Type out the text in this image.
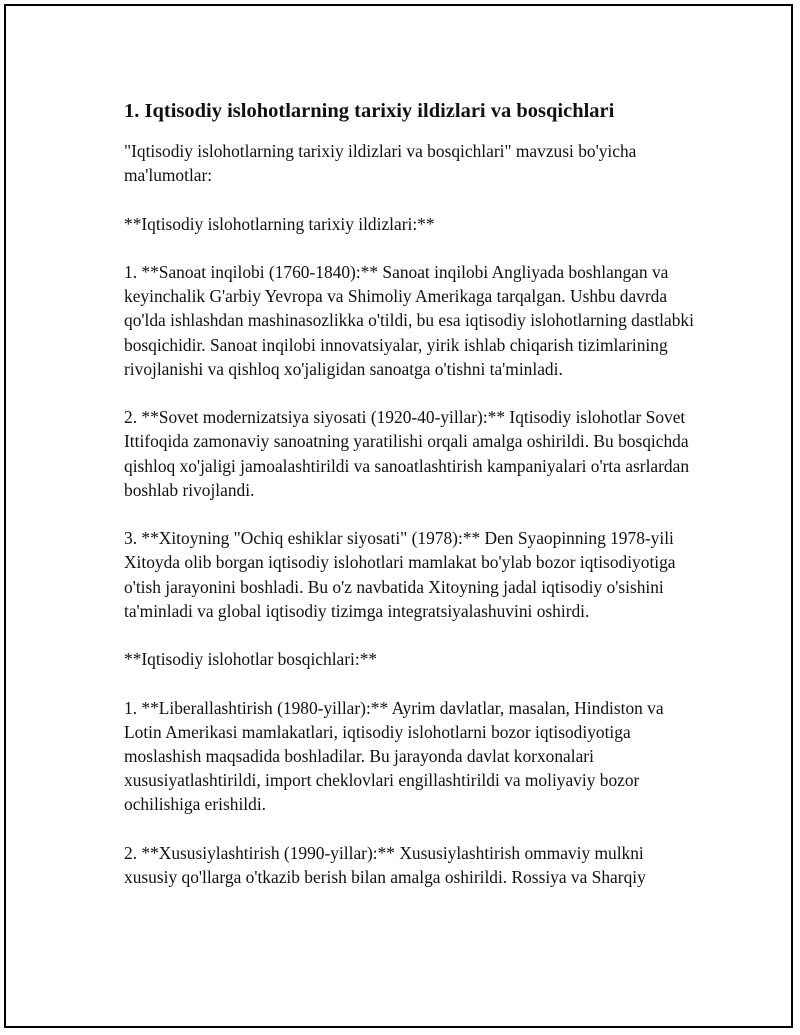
1. Iqtisodiy islohotlarning tarixiy ildizlari va bosqichlari

"Iqtisodiy islohotlarning tarixiy ildizlari va bosqichlari" mavzusi bo'yicha ma'lumotlar:

**Iqtisodiy islohotlarning tarixiy ildizlari:**

1. **Sanoat inqilobi (1760-1840):** Sanoat inqilobi Angliyada boshlangan va keyinchalik G'arbiy Yevropa va Shimoliy Amerikaga tarqalgan. Ushbu davrda qo'lda ishlashdan mashinasozlikka o'tildi, bu esa iqtisodiy islohotlarning dastlabki bosqichidir. Sanoat inqilobi innovatsiyalar, yirik ishlab chiqarish tizimlarining rivojlanishi va qishloq xo'jaligidan sanoatga o'tishni ta'minladi.

2. **Sovet modernizatsiya siyosati (1920-40-yillar):** Iqtisodiy islohotlar Sovet Ittifoqida zamonaviy sanoatning yaratilishi orqali amalga oshirildi. Bu bosqichda qishloq xo'jaligi jamoalashtirildi va sanoatlashtirish kampaniyalari o'rta asrlardan boshlab rivojlandi.

3. **Xitoyning "Ochiq eshiklar siyosati" (1978):** Den Syaopinning 1978-yili Xitoyda olib borgan iqtisodiy islohotlari mamlakat bo'ylab bozor iqtisodiyotiga o'tish jarayonini boshladi. Bu o'z navbatida Xitoyning jadal iqtisodiy o'sishini ta'minladi va global iqtisodiy tizimga integratsiyalashuvini oshirdi.

**Iqtisodiy islohotlar bosqichlari:**

1. **Liberallashtirish (1980-yillar):** Ayrim davlatlar, masalan, Hindiston va Lotin Amerikasi mamlakatlari, iqtisodiy islohotlarni bozor iqtisodiyotiga moslashish maqsadida boshladilar. Bu jarayonda davlat korxonalari xususiyatlashtirildi, import cheklovlari engillashtirildi va moliyaviy bozor ochilishiga erishildi.

2. **Xususiylashtirish (1990-yillar):** Xususiylashtirish ommaviy mulkni xususiy qo'llarga o'tkazib berish bilan amalga oshirildi. Rossiya va Sharqiy
